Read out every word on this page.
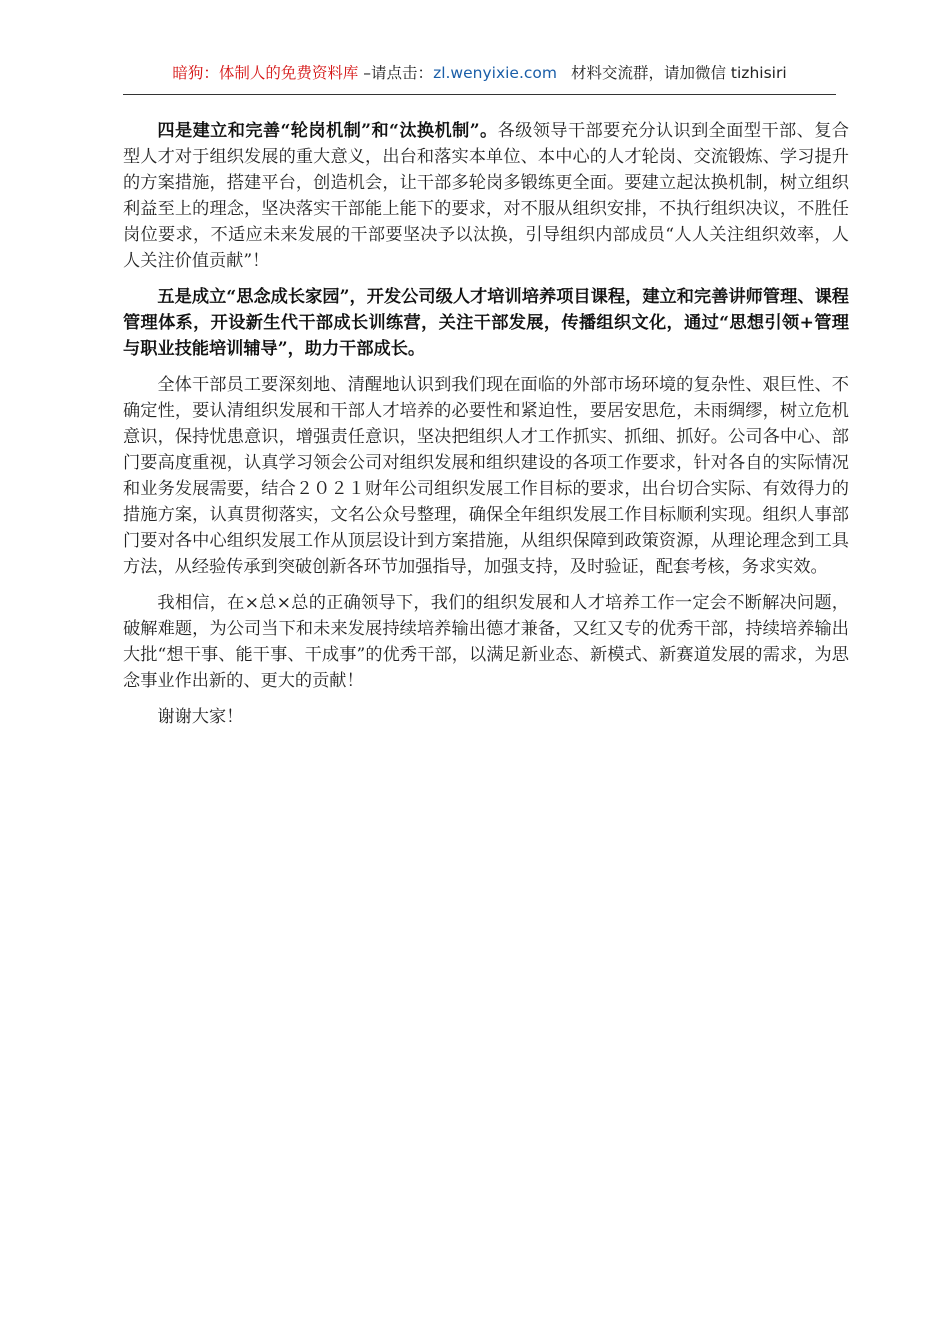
暗狗：体制人的免费资料库 –请点击：zl.wenyixie.com 材料交流群，请加微信 tizhisiri

四是建立和完善“轮岗机制”和“汰换机制”。各级领导干部要充分认识到全面型干部、复合型人才对于组织发展的重大意义，出台和落实本单位、本中心的人才轮岗、交流锻炼、学习提升的方案措施，搭建平台，创造机会，让干部多轮岗多锻练更全面。要建立起汰换机制，树立组织利益至上的理念，坚决落实干部能上能下的要求，对不服从组织安排，不执行组织决议，不胜任岗位要求，不适应未来发展的干部要坚决予以汰换，引导组织内部成员“人人关注组织效率，人人关注价值贡献”！

五是成立“思念成长家园”，开发公司级人才培训培养项目课程，建立和完善讲师管理、课程管理体系，开设新生代干部成长训练营，关注干部发展，传播组织文化，通过“思想引领+管理与职业技能培训辅导”，助力干部成长。

全体干部员工要深刻地、清醒地认识到我们现在面临的外部市场环境的复杂性、艰巨性、不确定性，要认清组织发展和干部人才培养的必要性和紧迫性，要居安思危，未雨绸缪，树立危机意识，保持忧患意识，增强责任意识，坚决把组织人才工作抓实、抓细、抓好。公司各中心、部门要高度重视，认真学习领会公司对组织发展和组织建设的各项工作要求，针对各自的实际情况和业务发展需要，结合２０２１财年公司组织发展工作目标的要求，出台切合实际、有效得力的措施方案，认真贯彻落实，文名公众号整理，确保全年组织发展工作目标顺利实现。组织人事部门要对各中心组织发展工作从顶层设计到方案措施，从组织保障到政策资源，从理论理念到工具方法，从经验传承到突破创新各环节加强指导，加强支持，及时验证，配套考核，务求实效。

我相信，在×总×总的正确领导下，我们的组织发展和人才培养工作一定会不断解决问题，破解难题，为公司当下和未来发展持续培养输出德才兼备，又红又专的优秀干部，持续培养输出大批“想干事、能干事、干成事”的优秀干部，以满足新业态、新模式、新赛道发展的需求，为思念事业作出新的、更大的贡献！

谢谢大家！
